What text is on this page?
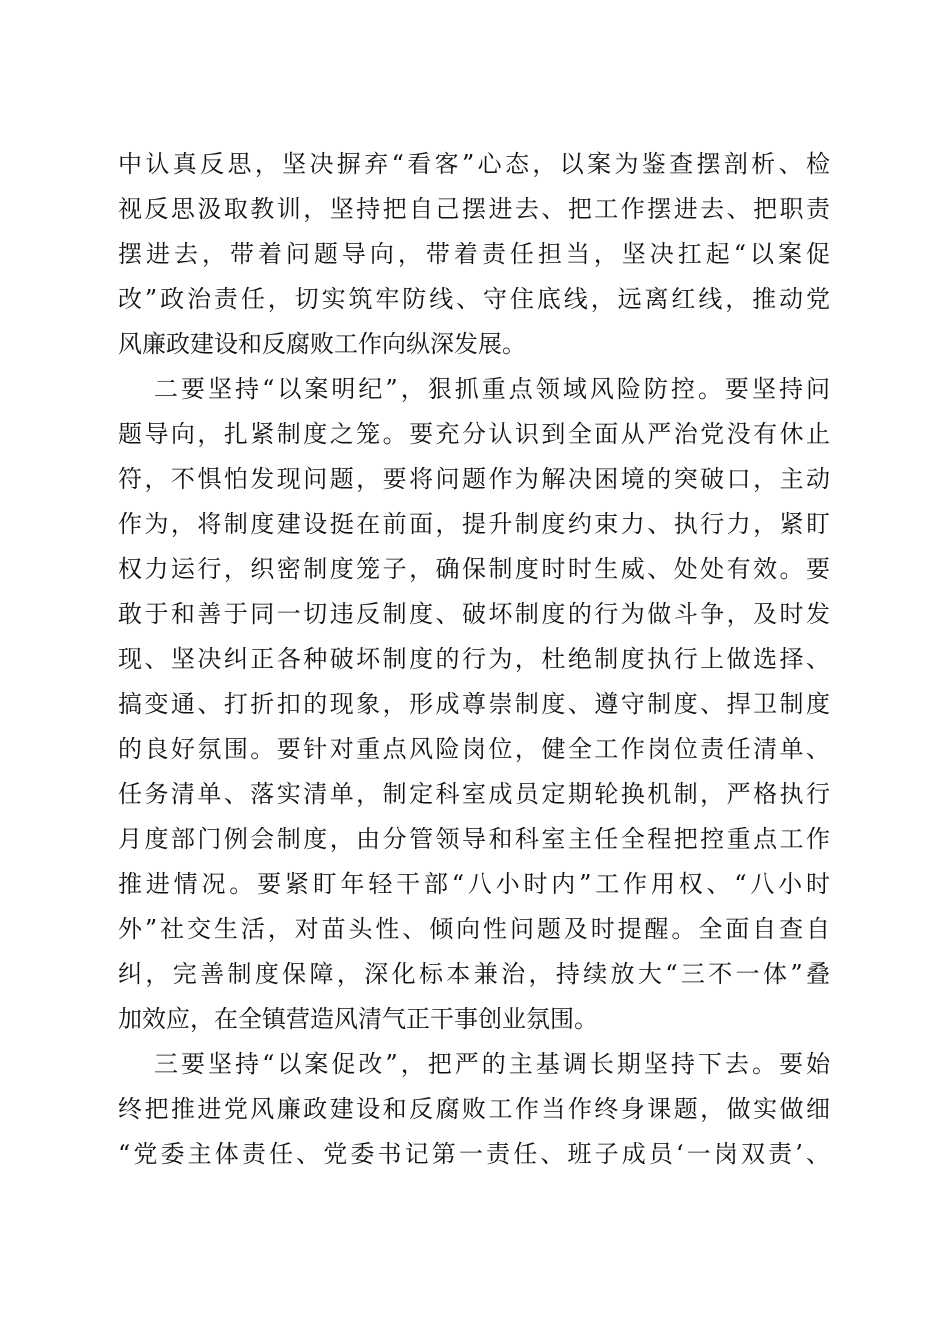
中认真反思，坚决摒弃“看客”心态，以案为鉴查摆剖析、检
视反思汲取教训，坚持把自己摆进去、把工作摆进去、把职责
摆进去，带着问题导向，带着责任担当，坚决扛起“以案促
改”政治责任，切实筑牢防线、守住底线，远离红线，推动党
风廉政建设和反腐败工作向纵深发展。
二要坚持“以案明纪”，狠抓重点领域风险防控。要坚持问
题导向，扎紧制度之笼。要充分认识到全面从严治党没有休止
符，不惧怕发现问题，要将问题作为解决困境的突破口，主动
作为，将制度建设挺在前面，提升制度约束力、执行力，紧盯
权力运行，织密制度笼子，确保制度时时生威、处处有效。要
敢于和善于同一切违反制度、破坏制度的行为做斗争，及时发
现、坚决纠正各种破坏制度的行为，杜绝制度执行上做选择、
搞变通、打折扣的现象，形成尊崇制度、遵守制度、捍卫制度
的良好氛围。要针对重点风险岗位，健全工作岗位责任清单、
任务清单、落实清单，制定科室成员定期轮换机制，严格执行
月度部门例会制度，由分管领导和科室主任全程把控重点工作
推进情况。要紧盯年轻干部“八小时内”工作用权、“八小时
外”社交生活，对苗头性、倾向性问题及时提醒。全面自查自
纠，完善制度保障，深化标本兼治，持续放大“三不一体”叠
加效应，在全镇营造风清气正干事创业氛围。
三要坚持“以案促改”，把严的主基调长期坚持下去。要始
终把推进党风廉政建设和反腐败工作当作终身课题，做实做细
“党委主体责任、党委书记第一责任、班子成员‘一岗双责’、
